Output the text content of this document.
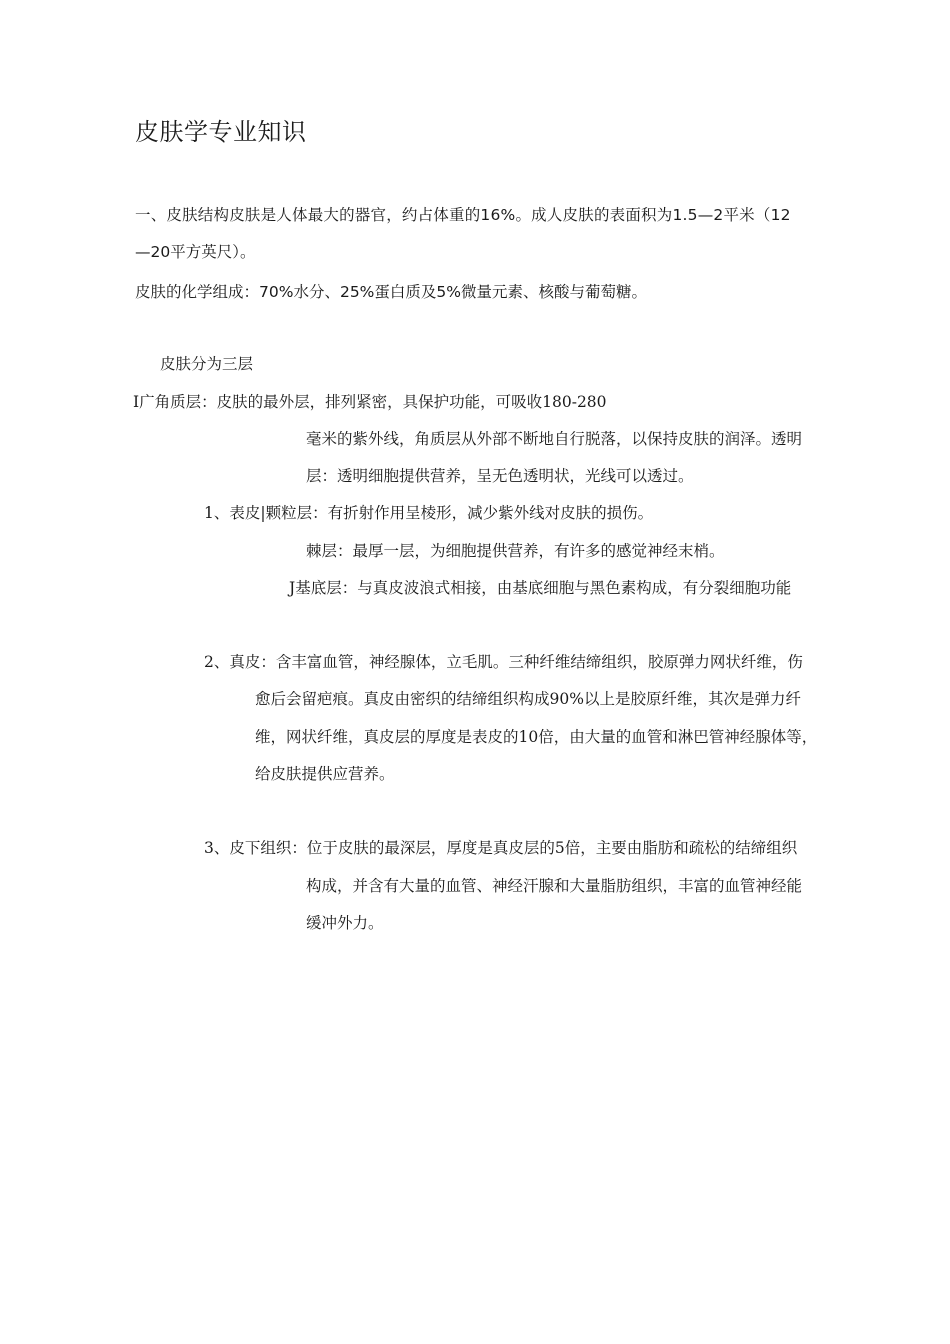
皮肤学专业知识
一、皮肤结构皮肤是人体最大的器官，约占体重的16%。成人皮肤的表面积为1.5—2平米（12
—20平方英尺）。
皮肤的化学组成：70%水分、25%蛋白质及5%微量元素、核酸与葡萄糖。
皮肤分为三层
I广角质层：皮肤的最外层，排列紧密，具保护功能，可吸收180-280
毫米的紫外线，角质层从外部不断地自行脱落，以保持皮肤的润泽。透明
层：透明细胞提供营养，呈无色透明状，光线可以透过。
1、表皮|颗粒层：有折射作用呈棱形，减少紫外线对皮肤的损伤。
棘层：最厚一层，为细胞提供营养，有许多的感觉神经末梢。
J基底层：与真皮波浪式相接，由基底细胞与黑色素构成，有分裂细胞功能
2、真皮：含丰富血管，神经腺体，立毛肌。三种纤维结缔组织，胶原弹力网状纤维，伤
愈后会留疤痕。真皮由密织的结缔组织构成90%以上是胶原纤维，其次是弹力纤
维，网状纤维，真皮层的厚度是表皮的10倍，由大量的血管和淋巴管神经腺体等，
给皮肤提供应营养。
3、皮下组织：位于皮肤的最深层，厚度是真皮层的5倍，主要由脂肪和疏松的结缔组织
构成，并含有大量的血管、神经汗腺和大量脂肪组织，丰富的血管神经能
缓冲外力。
